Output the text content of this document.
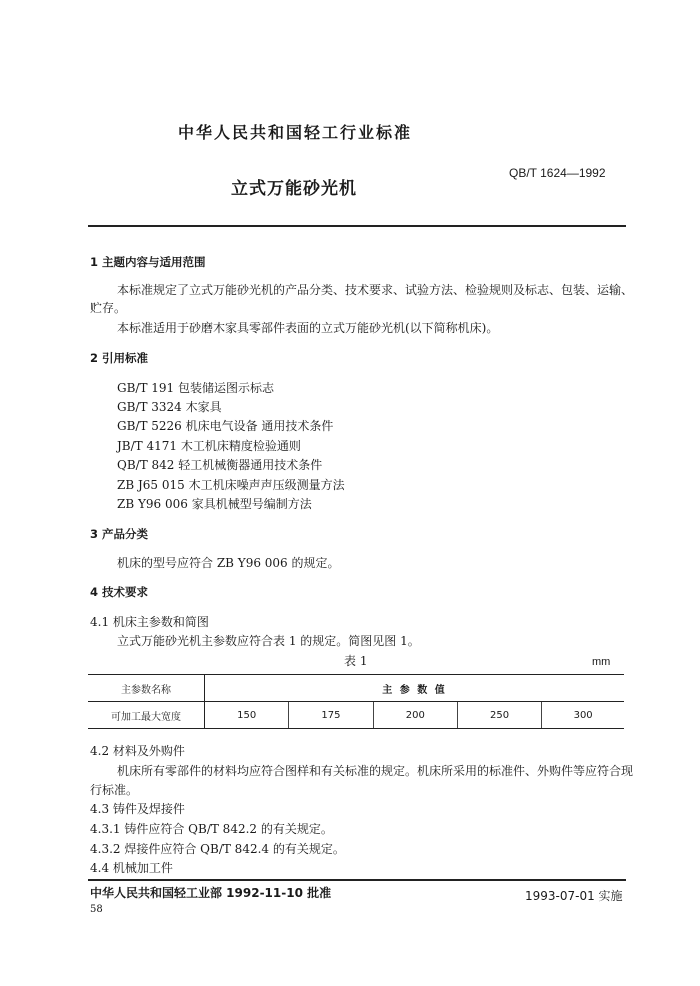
中华人民共和国轻工行业标准
立式万能砂光机
QB/T 1624—1992
1 主题内容与适用范围
本标准规定了立式万能砂光机的产品分类、技术要求、试验方法、检验规则及标志、包装、运输、
贮存。
本标准适用于砂磨木家具零部件表面的立式万能砂光机(以下简称机床)。
2 引用标准
GB/T 191 包装储运图示标志
GB/T 3324 木家具
GB/T 5226 机床电气设备 通用技术条件
JB/T 4171 木工机床精度检验通则
QB/T 842 轻工机械衡器通用技术条件
ZB J65 015 木工机床噪声声压级测量方法
ZB Y96 006 家具机械型号编制方法
3 产品分类
机床的型号应符合 ZB Y96 006 的规定。
4 技术要求
4.1 机床主参数和简图
立式万能砂光机主参数应符合表 1 的规定。简图见图 1。
表 1	mm
主参数名称	主 参 数 值				
可加工最大宽度	150	175	200	250	300
4.2 材料及外购件
机床所有零部件的材料均应符合图样和有关标准的规定。机床所采用的标准件、外购件等应符合现
行标准。
4.3 铸件及焊接件
4.3.1 铸件应符合 QB/T 842.2 的有关规定。
4.3.2 焊接件应符合 QB/T 842.4 的有关规定。
4.4 机械加工件
中华人民共和国轻工业部 1992-11-10 批准	1993-07-01 实施
58
